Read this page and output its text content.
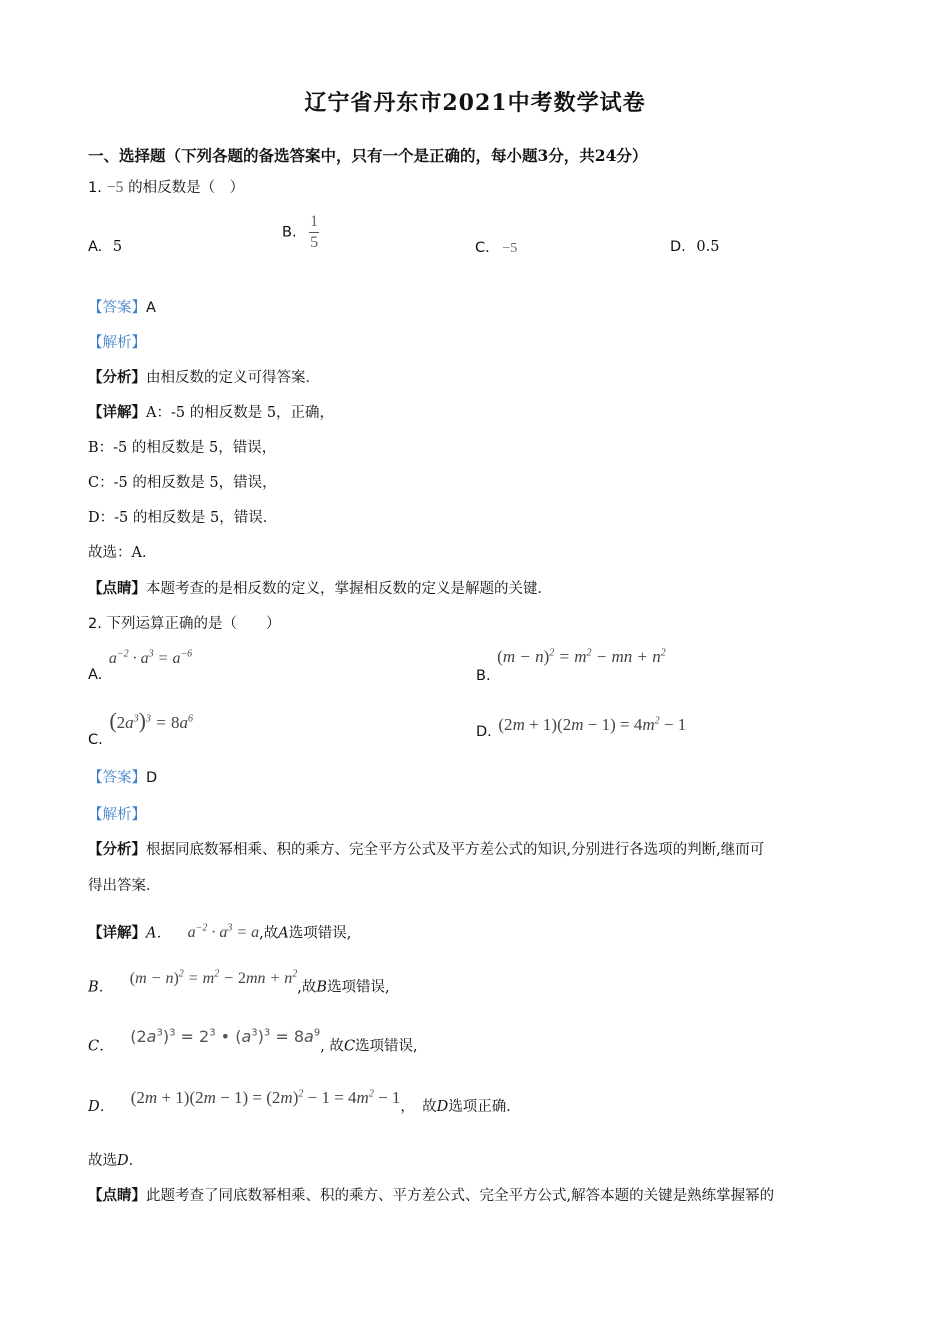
辽宁省丹东市2021中考数学试卷
一、选择题（下列各题的备选答案中，只有一个是正确的，每小题3分，共24分）
1. −5 的相反数是（　）
A. 5
B. $\frac{1}{5}$	C. −5	D. 0.5
【答案】A
【解析】
【分析】由相反数的定义可得答案．
【详解】A：-5 的相反数是 5，正确，
B：-5 的相反数是 5，错误，
C：-5 的相反数是 5，错误，
D：-5 的相反数是 5，错误．
故选：A．
【点睛】本题考查的是相反数的定义，掌握相反数的定义是解题的关键．
2. 下列运算正确的是（　　）
A. $a^{-2} \cdot a^3 = a^{-6}$
B. $(m - n)^2 = m^2$ − mn + $n^2$
C. $(2a^3)^3 = 8a^6$
D. $(2m + 1)(2m - 1) = 4m^2 - 1$
【答案】D
【解析】
【分析】根据同底数幂相乘、积的乘方、完全平方公式及平方差公式的知识,分别进行各选项的判断,继而可
得出答案．
【详解】A． $a^{-2} \cdot a^3 = a$,故A选项错误,
B． $(m - n)^2 = m^2 - 2mn + n^2$,故B选项错误,
C． $(2a^3)^3 = 2^3$ • $(a^3)^3 = 8a^9$, 故C选项错误,
D． $(2m + 1)(2m - 1) = (2m)^2 - 1 = 4m^2 - 1$，　故D选项正确．
故选D．
【点睛】此题考查了同底数幂相乘、积的乘方、平方差公式、完全平方公式,解答本题的关键是熟练掌握幂的
